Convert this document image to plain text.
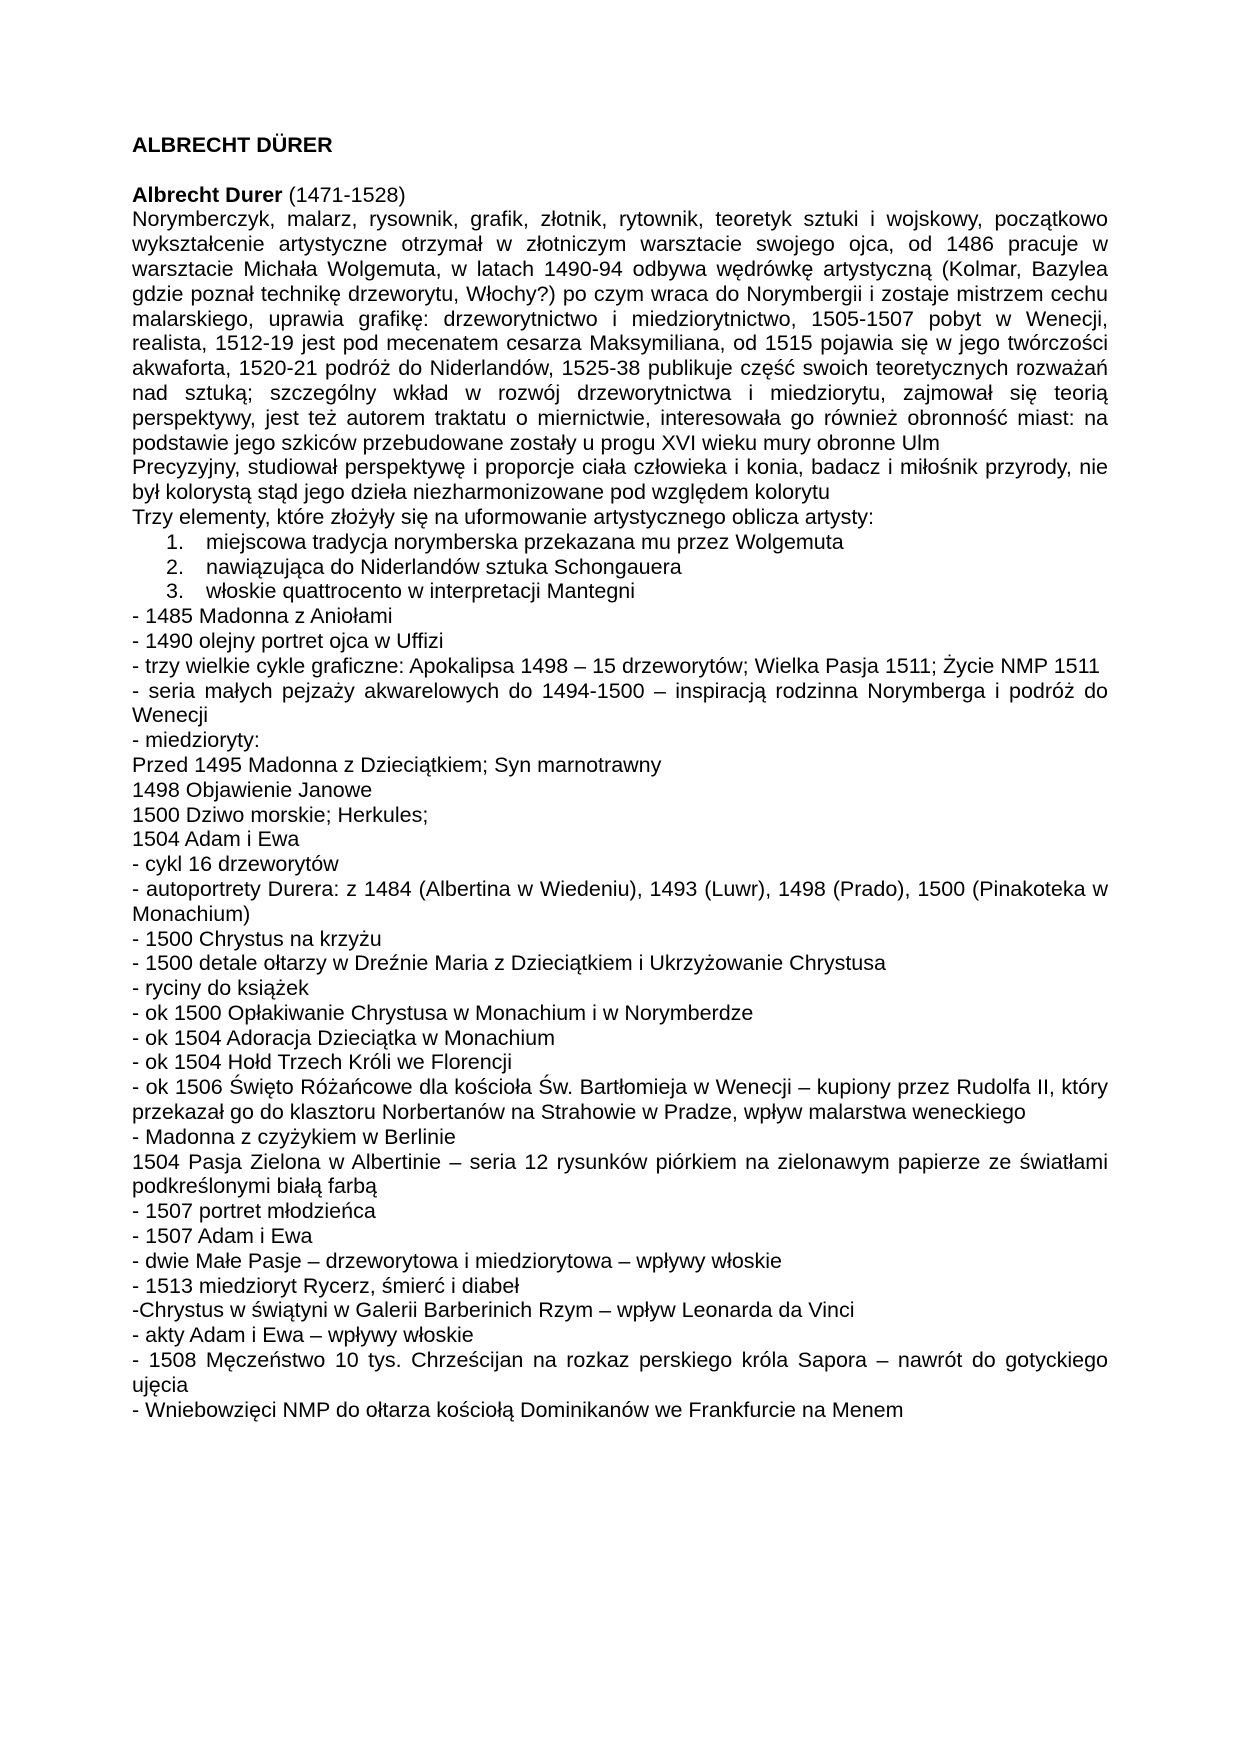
ALBRECHT DÜRER

Albrecht Durer (1471-1528)

Norymberczyk, malarz, rysownik, grafik, złotnik, rytownik, teoretyk sztuki i wojskowy, początkowo wykształcenie artystyczne otrzymał w złotniczym warsztacie swojego ojca, od 1486 pracuje w warsztacie Michała Wolgemuta, w latach 1490-94 odbywa wędrówkę artystyczną (Kolmar, Bazylea gdzie poznał technikę drzeworytu, Włochy?) po czym wraca do Norymbergii i zostaje mistrzem cechu malarskiego, uprawia grafikę: drzeworytnictwo i miedziorytnictwo, 1505-1507 pobyt w Wenecji, realista, 1512-19 jest pod mecenatem cesarza Maksymiliana, od 1515 pojawia się w jego twórczości akwaforta, 1520-21 podróż do Niderlandów, 1525-38 publikuje część swoich teoretycznych rozważań nad sztuką; szczególny wkład w rozwój drzeworytnictwa i miedziorytu, zajmował się teorią perspektywy, jest też autorem traktatu o miernictwie, interesowała go również obronność miast: na podstawie jego szkiców przebudowane zostały u progu XVI wieku mury obronne Ulm

Precyzyjny, studiował perspektywę i proporcje ciała człowieka i konia, badacz i miłośnik przyrody, nie był kolorystą stąd jego dzieła niezharmonizowane pod względem kolorytu

Trzy elementy, które złożyły się na uformowanie artystycznego oblicza artysty:

1.	miejscowa tradycja norymberska przekazana mu przez Wolgemuta
2.	nawiązująca do Niderlandów sztuka Schongauera
3.	włoskie quattrocento w interpretacji Mantegni

- 1485 Madonna z Aniołami

- 1490 olejny portret ojca w Uffizi

- trzy wielkie cykle graficzne: Apokalipsa 1498 – 15 drzeworytów; Wielka Pasja 1511; Życie NMP 1511

- seria małych pejzaży akwarelowych do 1494-1500 – inspiracją rodzinna Norymberga i podróż do Wenecji

- miedzioryty:

Przed 1495 Madonna z Dzieciątkiem; Syn marnotrawny

1498 Objawienie Janowe

1500 Dziwo morskie; Herkules;

1504 Adam i Ewa

- cykl 16 drzeworytów

- autoportrety Durera: z 1484 (Albertina w Wiedeniu), 1493 (Luwr), 1498 (Prado), 1500 (Pinakoteka w Monachium)

- 1500 Chrystus na krzyżu

- 1500 detale ołtarzy w Dreźnie Maria z Dzieciątkiem i Ukrzyżowanie Chrystusa

- ryciny do książek

- ok 1500 Opłakiwanie Chrystusa w Monachium i w Norymberdze

- ok 1504 Adoracja Dzieciątka w Monachium

- ok 1504 Hołd Trzech Króli we Florencji

- ok 1506 Święto Różańcowe dla kościoła Św. Bartłomieja w Wenecji – kupiony przez Rudolfa II, który przekazał go do klasztoru Norbertanów na Strahowie w Pradze, wpływ malarstwa weneckiego

- Madonna z czyżykiem w Berlinie

1504 Pasja Zielona w Albertinie – seria 12 rysunków piórkiem na zielonawym papierze ze światłami podkreślonymi białą farbą

- 1507 portret młodzieńca

- 1507 Adam i Ewa

- dwie Małe Pasje – drzeworytowa i miedziorytowa – wpływy włoskie

- 1513 miedzioryt Rycerz, śmierć i diabeł

-Chrystus w świątyni w Galerii Barberinich Rzym – wpływ Leonarda da Vinci

- akty Adam i Ewa – wpływy włoskie

- 1508 Męczeństwo 10 tys. Chrześcijan na rozkaz perskiego króla Sapora – nawrót do gotyckiego ujęcia

- Wniebowzięci NMP do ołtarza kościołą Dominikanów we Frankfurcie na Menem
